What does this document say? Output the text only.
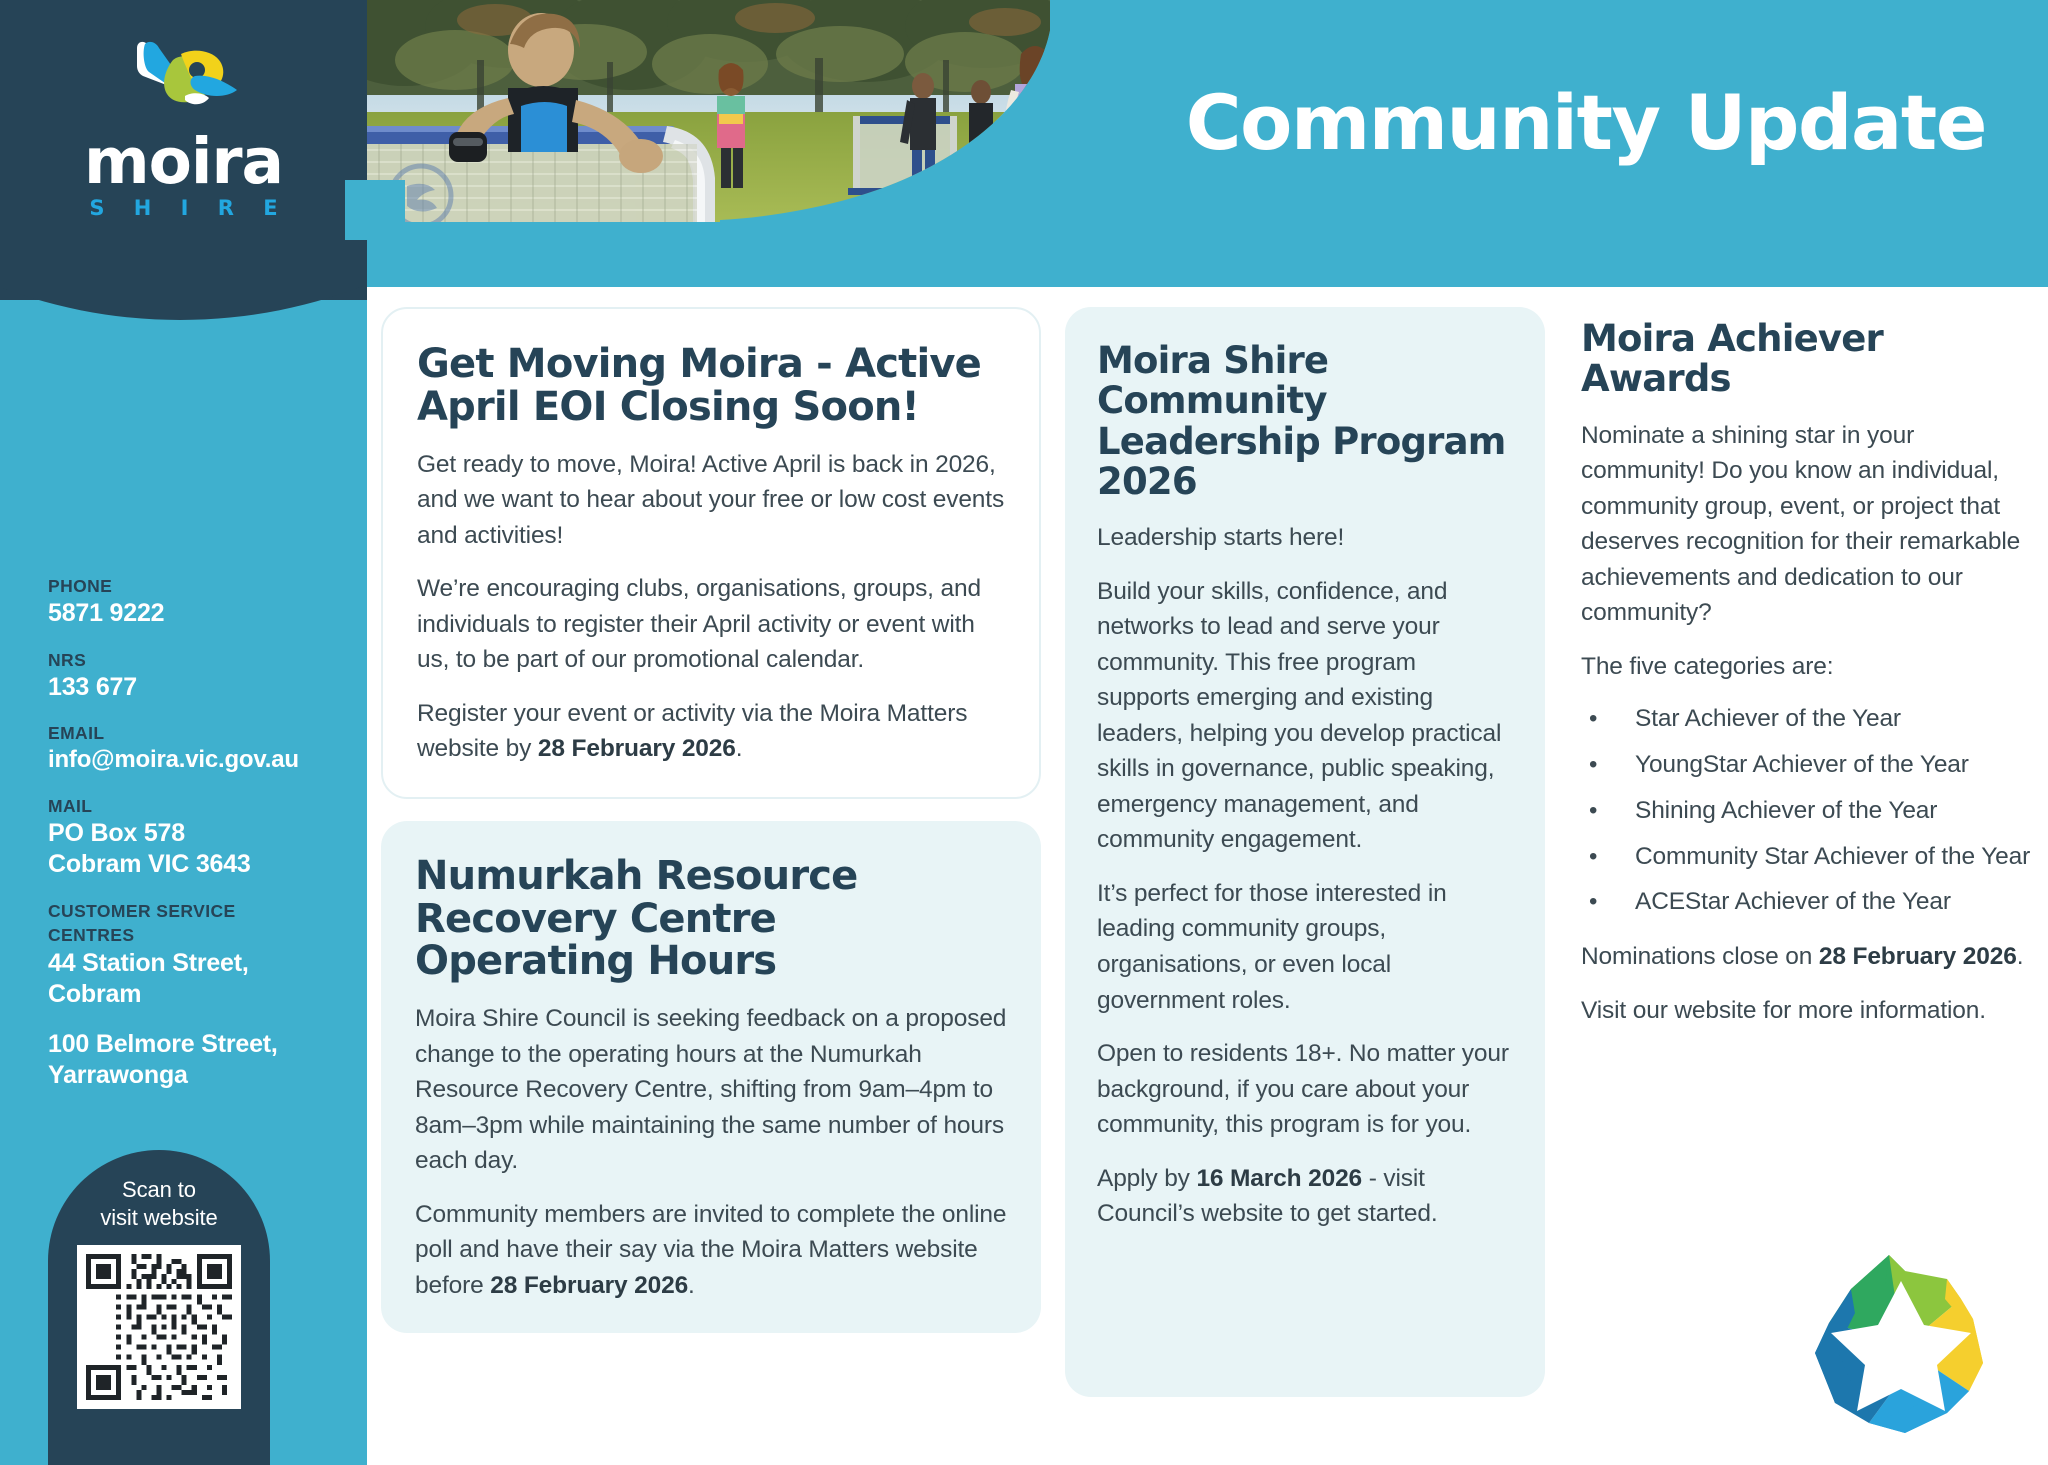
Community Update
moira
S H I R E
PHONE
5871 9222
NRS
133 677
EMAIL
info@moira.vic.gov.au
MAIL
PO Box 578
Cobram VIC 3643
CUSTOMER SERVICE
CENTRES
44 Station Street,
Cobram
100 Belmore Street,
Yarrawonga
Scan to
visit website
Get Moving Moira - Active April EOI Closing Soon!

Get ready to move, Moira! Active April is back in 2026, and we want to hear about your free or low cost events and activities!

We’re encouraging clubs, organisations, groups, and individuals to register their April activity or event with us, to be part of our promotional calendar.

Register your event or activity via the Moira Matters website by 28 February 2026.

Numurkah Resource Recovery Centre Operating Hours

Moira Shire Council is seeking feedback on a proposed change to the operating hours at the Numurkah Resource Recovery Centre, shifting from 9am–4pm to 8am–3pm while maintaining the same number of hours each day.

Community members are invited to complete the online poll and have their say via the Moira Matters website before 28 February 2026.

Moira Shire Community Leadership Program 2026

Leadership starts here!

Build your skills, confidence, and networks to lead and serve your community. This free program supports emerging and existing leaders, helping you develop practical skills in governance, public speaking, emergency management, and community engagement.

It’s perfect for those interested in leading community groups, organisations, or even local government roles.

Open to residents 18+. No matter your background, if you care about your community, this program is for you.

Apply by 16 March 2026 - visit Council’s website to get started.

Moira Achiever Awards

Nominate a shining star in your community! Do you know an individual, community group, event, or project that deserves recognition for their remarkable achievements and dedication to our community?

The five categories are:

• Star Achiever of the Year
• YoungStar Achiever of the Year
• Shining Achiever of the Year
• Community Star Achiever of the Year
• ACEStar Achiever of the Year

Nominations close on 28 February 2026.

Visit our website for more information.
